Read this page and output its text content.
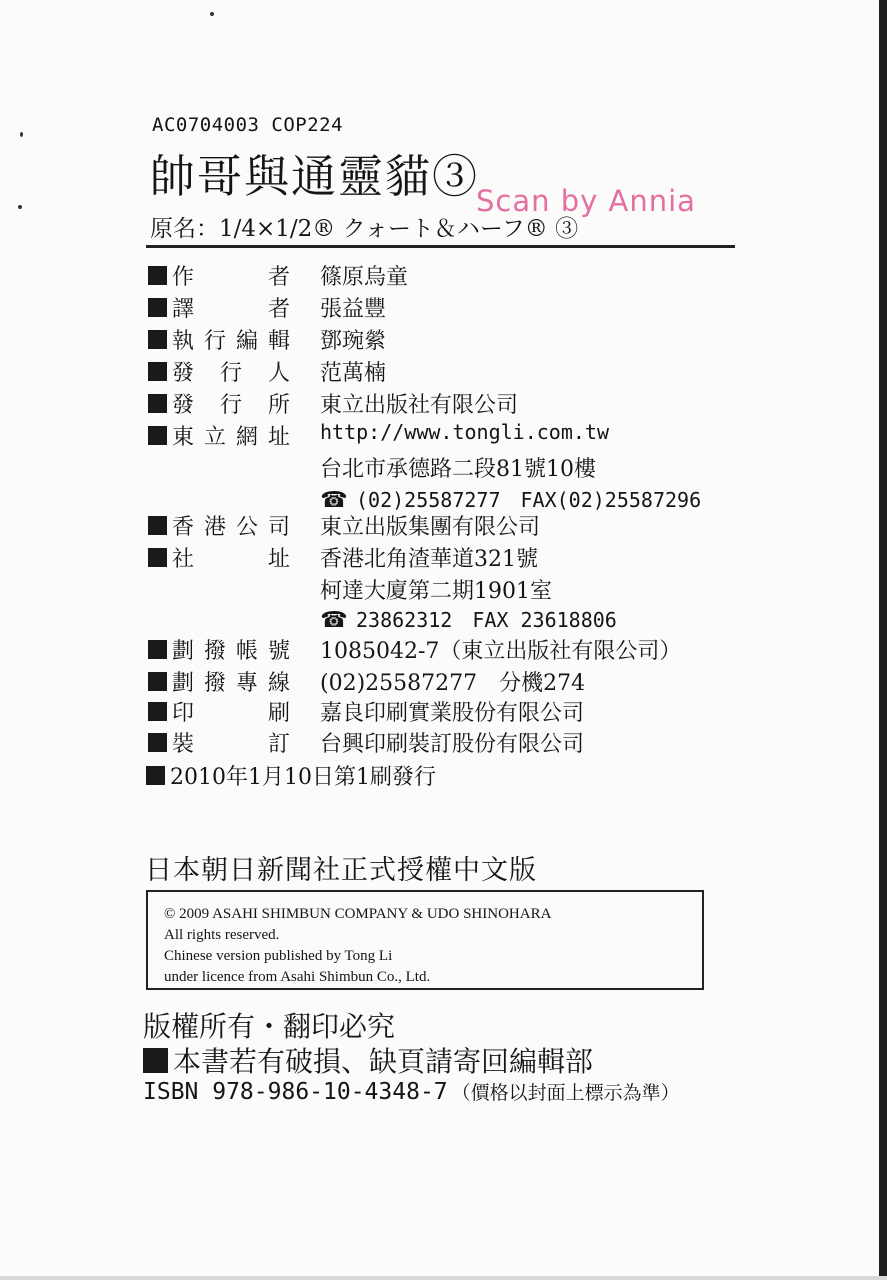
AC0704003 COP224
帥哥與通靈貓③
Scan by Annia
原名：1/4×1/2® クォート＆ハーフ® ③
作　者 篠原烏童
譯　者 張益豐
執行編輯 鄧琬縈
發行人 范萬楠
發行所 東立出版社有限公司
東立網址 http://www.tongli.com.tw
台北市承德路二段81號10樓
☎ (02)25587277　FAX(02)25587296
香港公司 東立出版集團有限公司
社　址 香港北角渣華道321號
柯達大廈第二期1901室
☎ 23862312　FAX 23618806
劃撥帳號 1085042-7（東立出版社有限公司）
劃撥專線 (02)25587277　分機274
印　刷 嘉良印刷實業股份有限公司
裝　訂 台興印刷裝訂股份有限公司
2010年1月10日第1刷發行
日本朝日新聞社正式授權中文版
© 2009 ASAHI SHIMBUN COMPANY & UDO SHINOHARA
All rights reserved.
Chinese version published by Tong Li
under licence from Asahi Shimbun Co., Ltd.
版權所有・翻印必究
本書若有破損、缺頁請寄回編輯部
ISBN 978-986-10-4348-7 （價格以封面上標示為準）
